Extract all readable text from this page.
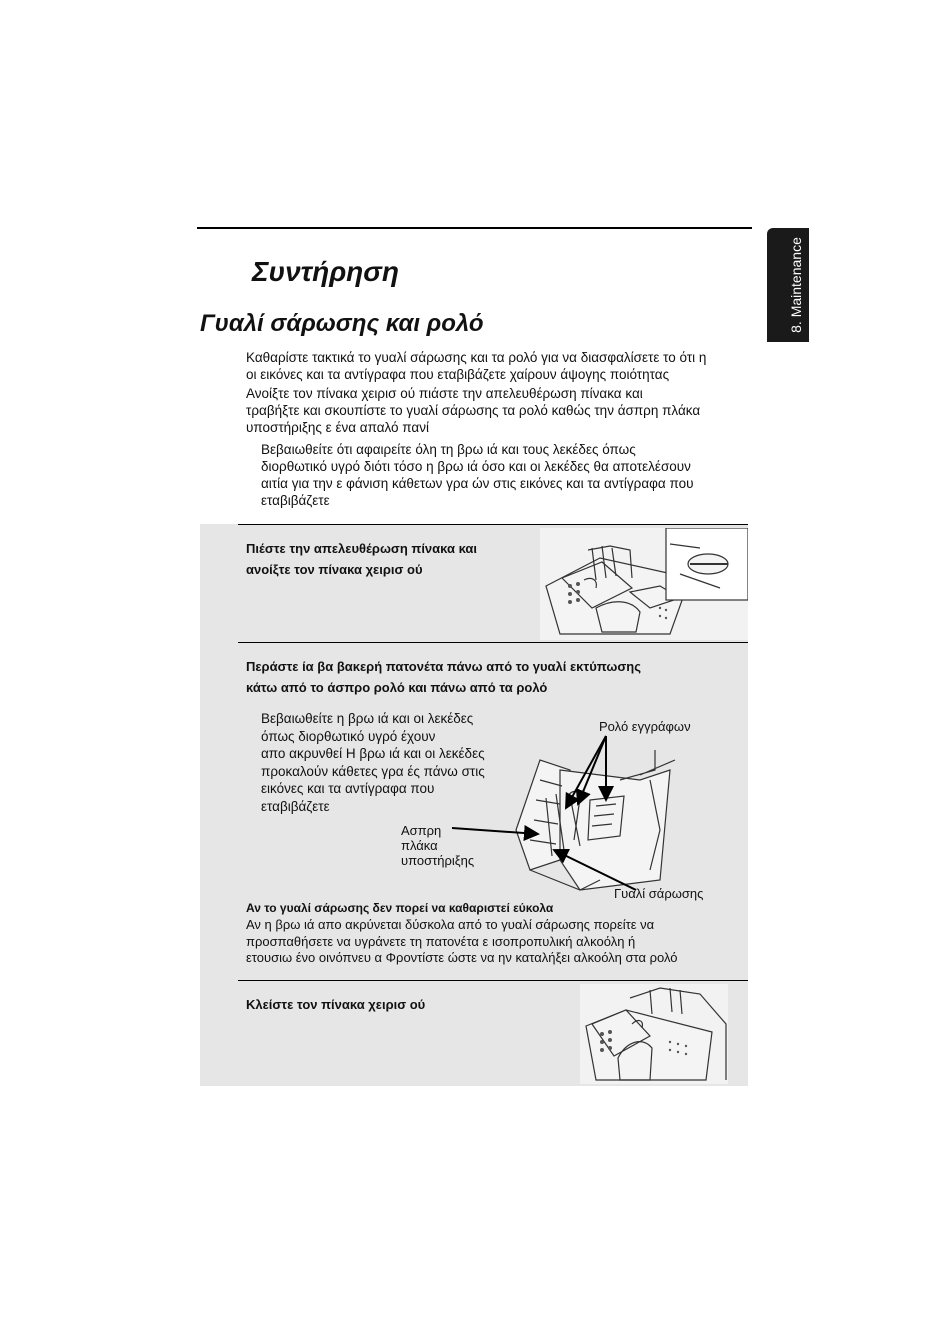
8. Maintenance
Συντήρηση
Γυαλί σάρωσης και ρολό
Καθαρίστε τακτικά το γυαλί σάρωσης και τα ρολό για να διασφαλίσετε το ότι η
οι εικόνες και τα αντίγραφα που εταβιβάζετε χαίρουν άψογης ποιότητας
Ανοίξτε τον πίνακα χειρισ ού πιάστε την απελευθέρωση πίνακα και
τραβήξτε και σκουπίστε το γυαλί σάρωσης τα ρολό καθώς την άσπρη πλάκα
υποστήριξης ε ένα απαλό πανί
Βεβαιωθείτε ότι αφαιρείτε όλη τη βρω ιά και τους λεκέδες όπως
διορθωτικό υγρό διότι τόσο η βρω ιά όσο και οι λεκέδες θα αποτελέσουν
αιτία για την ε φάνιση κάθετων γρα ών στις εικόνες και τα αντίγραφα που
εταβιβάζετε
Πιέστε την απελευθέρωση πίνακα και
ανοίξτε τον πίνακα χειρισ ού
Περάστε ία βα βακερή πατονέτα πάνω από το γυαλί εκτύπωσης
κάτω από το άσπρο ρολό και πάνω από τα ρολό
Βεβαιωθείτε η βρω ιά και οι λεκέδες
όπως διορθωτικό υγρό έχουν
απο ακρυνθεί Η βρω ιά και οι λεκέδες
προκαλούν κάθετες γρα ές πάνω στις
εικόνες και τα αντίγραφα που
εταβιβάζετε
Ρολό εγγράφων
Ασπρη
πλάκα
υποστήριξης
Γυαλί σάρωσης
Αν το γυαλί σάρωσης δεν πορεί να καθαριστεί εύκολα
Αν η βρω ιά απο ακρύνεται δύσκολα από το γυαλί σάρωσης πορείτε να
προσπαθήσετε να υγράνετε τη πατονέτα ε ισοπροπυλική αλκοόλη ή
ετουσιω ένο οινόπνευ α Φροντίστε ώστε να ην καταλήξει αλκοόλη στα ρολό
Κλείστε τον πίνακα χειρισ ού
